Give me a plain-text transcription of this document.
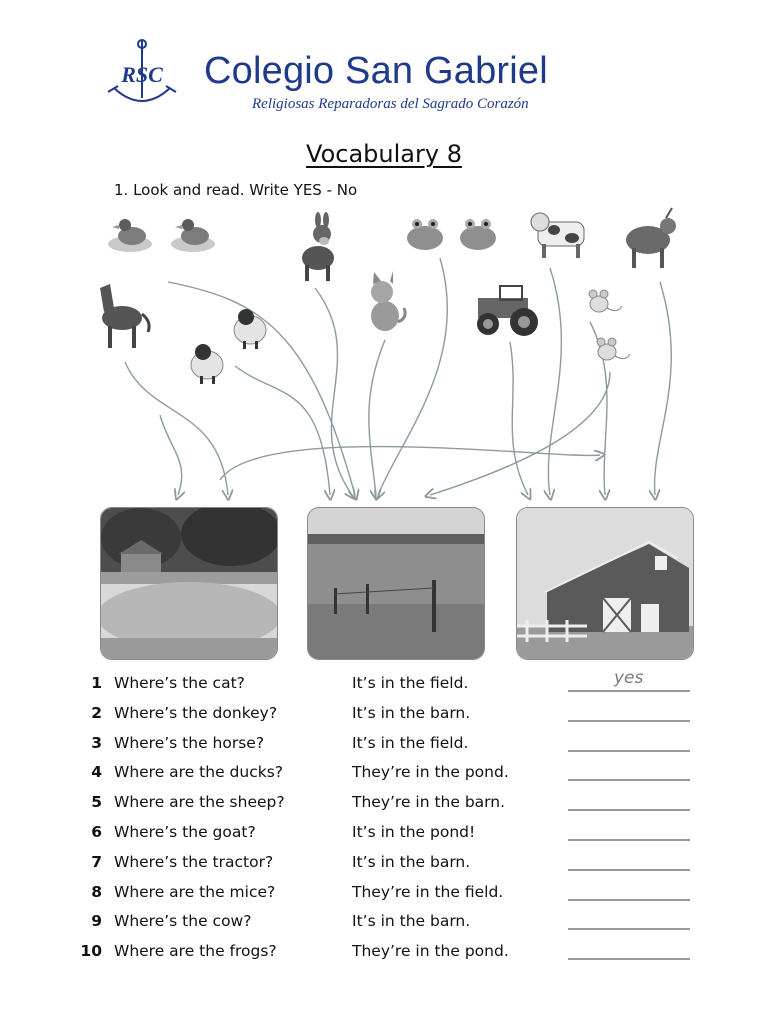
RSC Colegio San Gabriel
Religiosas Reparadoras del Sagrado Corazón
Vocabulary 8
1. Look and read. Write YES - No
1 Where’s the cat?	It’s in the field.	yes
2 Where’s the donkey?	It’s in the barn.
3 Where’s the horse?	It’s in the field.
4 Where are the ducks?	They’re in the pond.
5 Where are the sheep?	They’re in the barn.
6 Where’s the goat?	It’s in the pond!
7 Where’s the tractor?	It’s in the barn.
8 Where are the mice?	They’re in the field.
9 Where’s the cow?	It’s in the barn.
10 Where are the frogs?	They’re in the pond.
